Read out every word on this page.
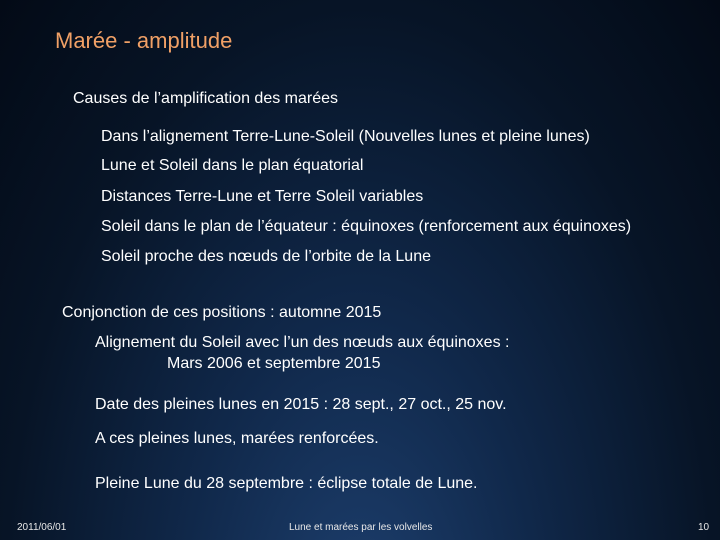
Marée - amplitude
Causes de l’amplification des marées
Dans l’alignement Terre-Lune-Soleil (Nouvelles lunes et pleine lunes)
Lune et Soleil dans le plan équatorial
Distances Terre-Lune et Terre Soleil variables
Soleil dans le plan de l’équateur : équinoxes (renforcement aux équinoxes)
Soleil proche des nœuds de l’orbite de la Lune
Conjonction de ces positions : automne 2015
Alignement du Soleil avec l’un des nœuds aux équinoxes :
Mars 2006 et septembre 2015
Date des pleines lunes en 2015 : 28 sept., 27 oct., 25 nov.
A ces pleines lunes, marées renforcées.
Pleine Lune du 28 septembre : éclipse totale de Lune.
2011/06/01	Lune et marées par les volvelles	10
